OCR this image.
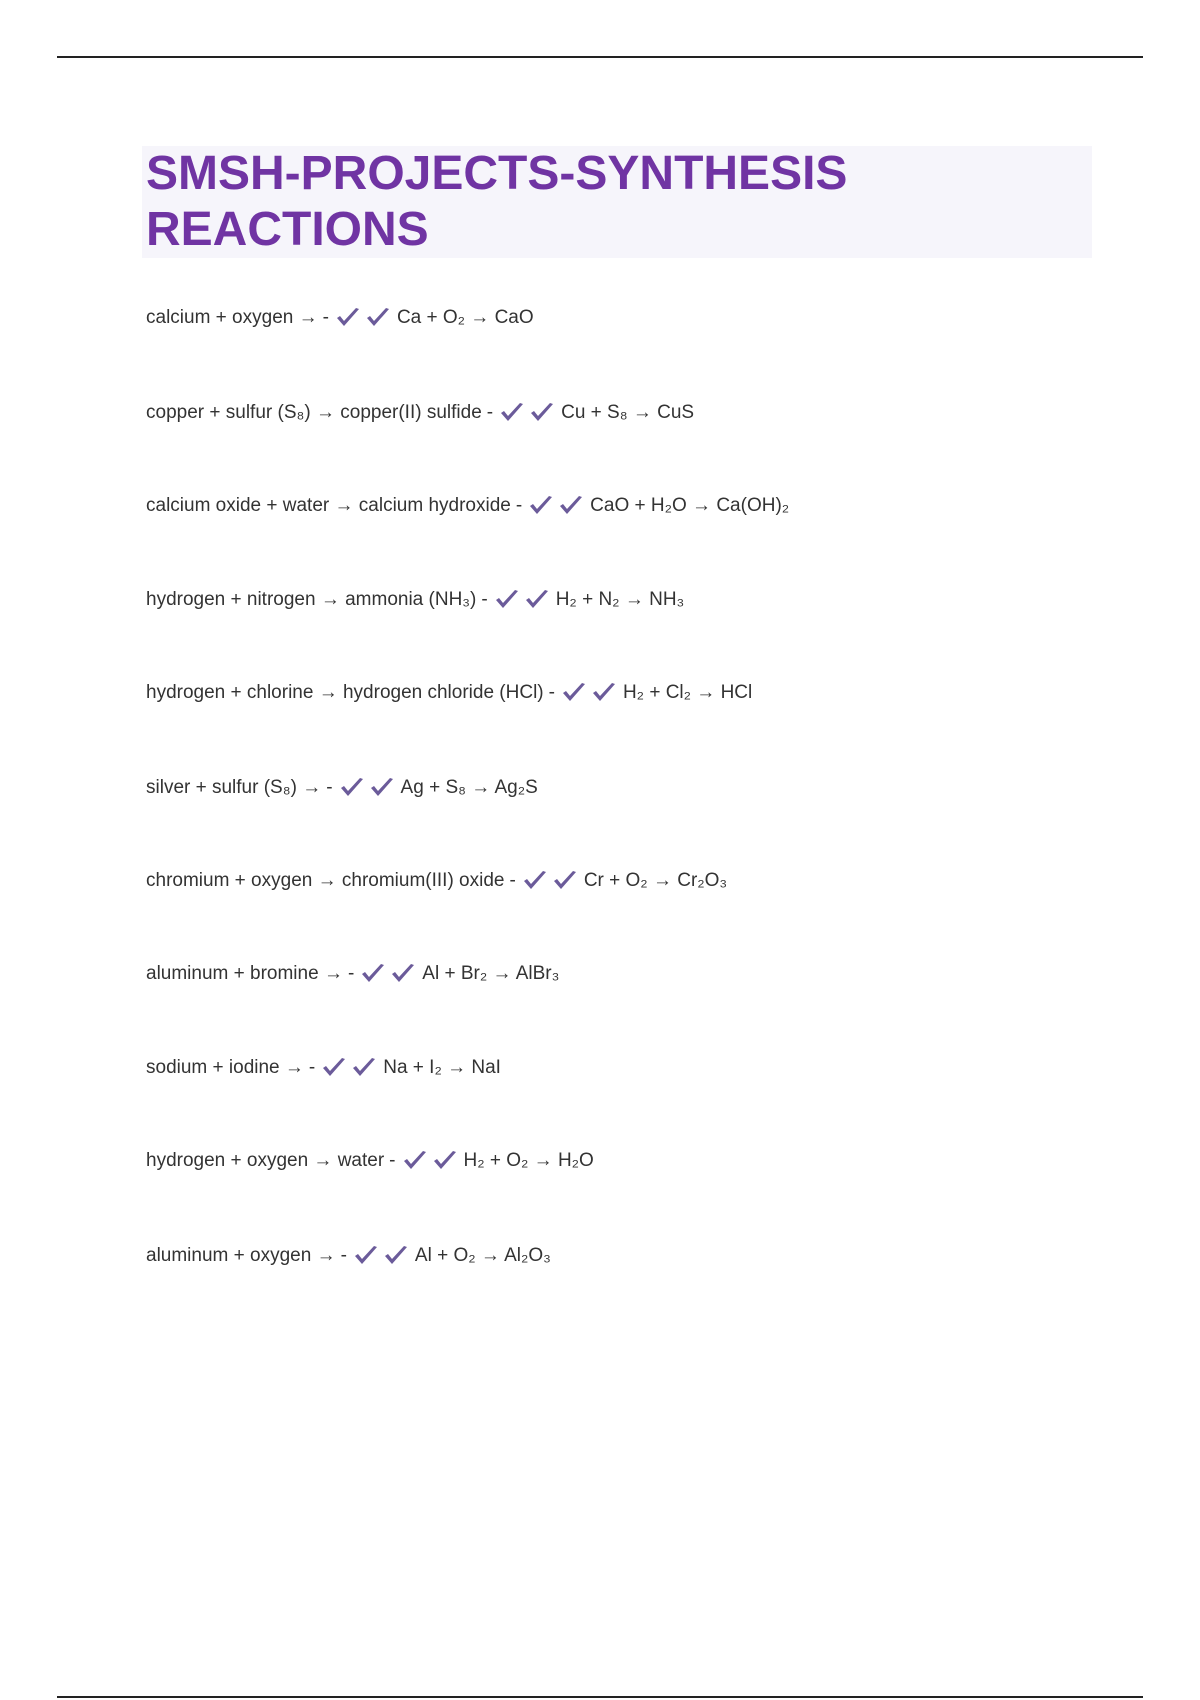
SMSH-PROJECTS-SYNTHESIS REACTIONS
calcium + oxygen → -	Ca + O₂ → CaO
copper + sulfur (S₈) → copper(II) sulfide -	Cu + S₈ → CuS
calcium oxide + water → calcium hydroxide -	CaO + H₂O → Ca(OH)₂
hydrogen + nitrogen → ammonia (NH₃) -	H₂ + N₂ → NH₃
hydrogen + chlorine → hydrogen chloride (HCl) -	H₂ + Cl₂ → HCl
silver + sulfur (S₈) → -	Ag + S₈ → Ag₂S
chromium + oxygen → chromium(III) oxide -	Cr + O₂ → Cr₂O₃
aluminum + bromine → -	Al + Br₂ → AlBr₃
sodium + iodine → -	Na + I₂ → NaI
hydrogen + oxygen → water -	H₂ + O₂ → H₂O
aluminum + oxygen → -	Al + O₂ → Al₂O₃
